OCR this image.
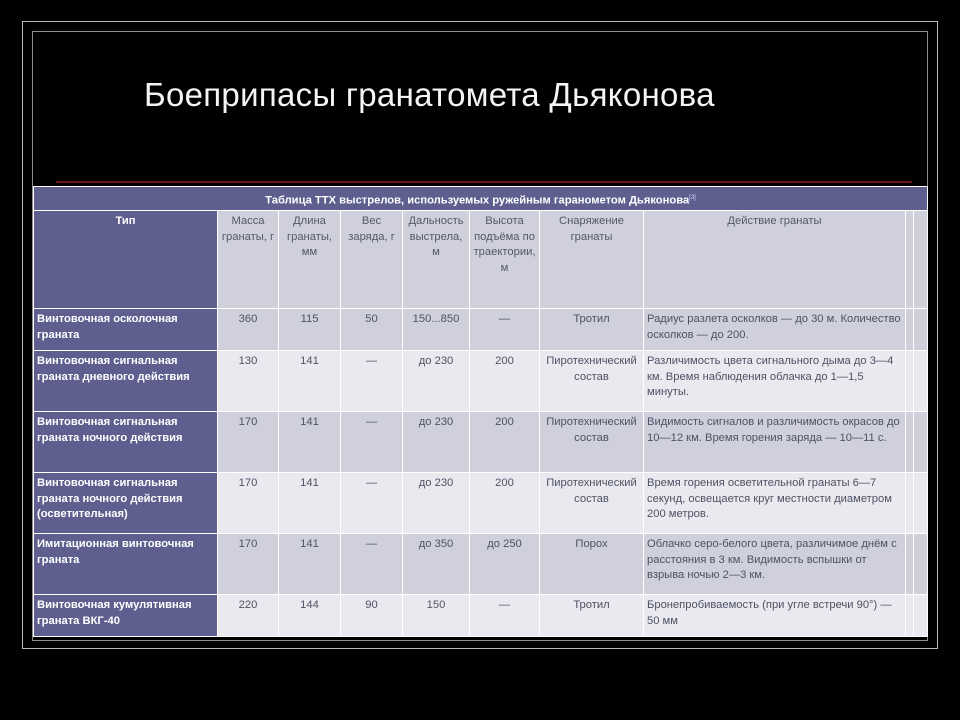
Боеприпасы гранатомета Дьяконова
Таблица ТТХ выстрелов, используемых ружейным гаранометом Дьяконова[3]
Тип	Масса гранаты, г	Длина гранаты, мм	Вес заряда, г	Дальность выстрела, м	Высота подъёма по траектории, м	Снаряжение гранаты	Действие гранаты		
Винтовочная осколочная граната	360	115	50	150...850	—	Тротил	Радиус разлета осколков — до 30 м. Количество осколков — до 200.		
Винтовочная сигнальная граната дневного действия	130	141	—	до 230	200	Пиротехнический состав	Различимость цвета сигнального дыма до 3—4 км. Время наблюдения облачка до 1—1,5 минуты.		
Винтовочная сигнальная граната ночного действия	170	141	—	до 230	200	Пиротехнический состав	Видимость сигналов и различимость окрасов до 10—12 км. Время горения заряда — 10—11 с.		
Винтовочная сигнальная граната ночного действия (осветительная)	170	141	—	до 230	200	Пиротехнический состав	Время горения осветительной гранаты 6—7 секунд, освещается круг местности диаметром 200 метров.		
Имитационная винтовочная граната	170	141	—	до 350	до 250	Порох	Облачко серо-белого цвета, различимое днём с расстояния в 3 км. Видимость вспышки от взрыва ночью 2—3 км.		
Винтовочная кумулятивная граната ВКГ-40	220	144	90	150	—	Тротил	Бронепробиваемость (при угле встречи 90°) — 50 мм		
